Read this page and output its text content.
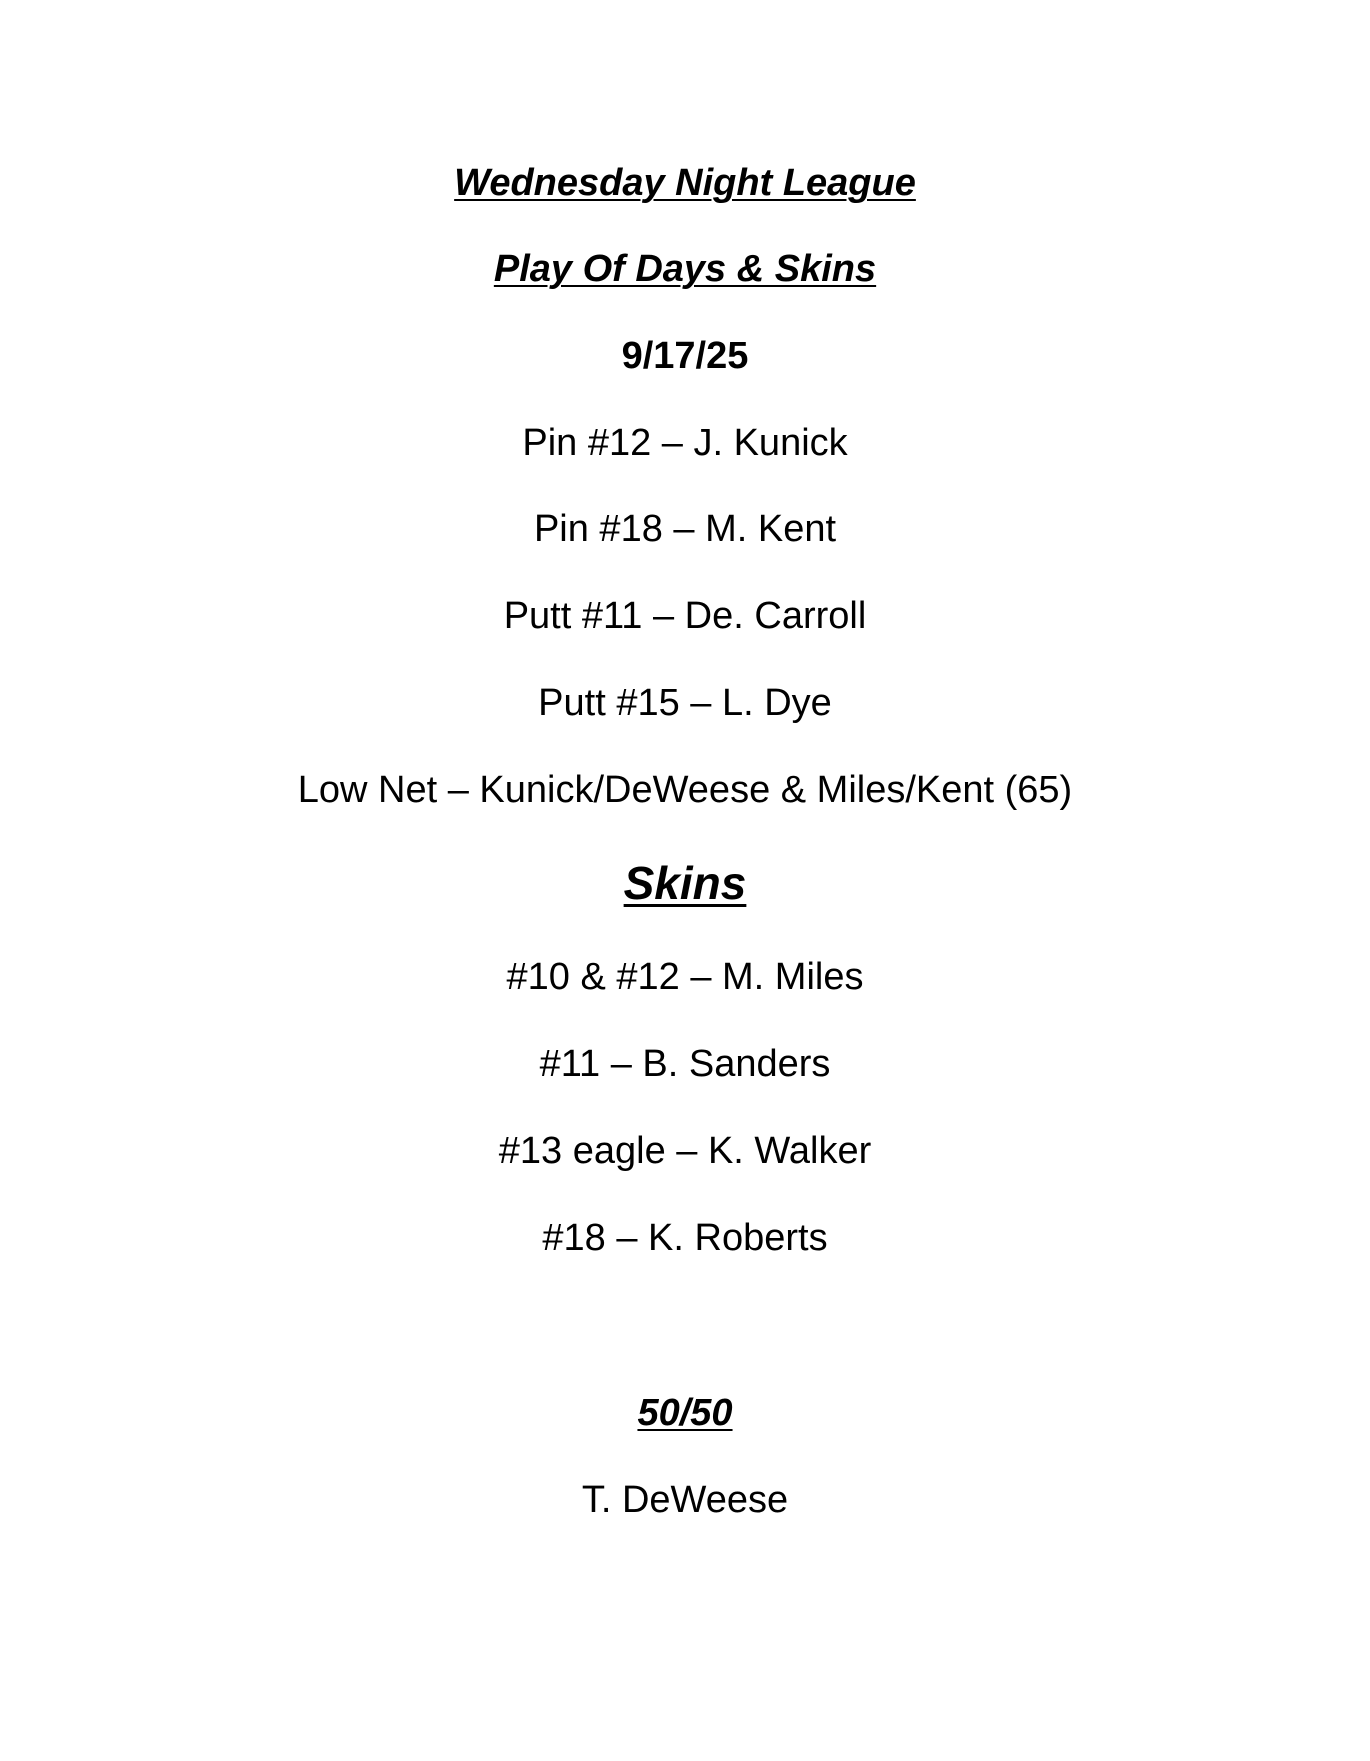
Wednesday Night League
Play Of Days & Skins
9/17/25
Pin #12 – J. Kunick
Pin #18 – M. Kent
Putt #11 – De. Carroll
Putt #15 – L. Dye
Low Net – Kunick/DeWeese & Miles/Kent (65)
Skins
#10 & #12 – M. Miles
#11 – B. Sanders
#13 eagle – K. Walker
#18 – K. Roberts
50/50
T. DeWeese
